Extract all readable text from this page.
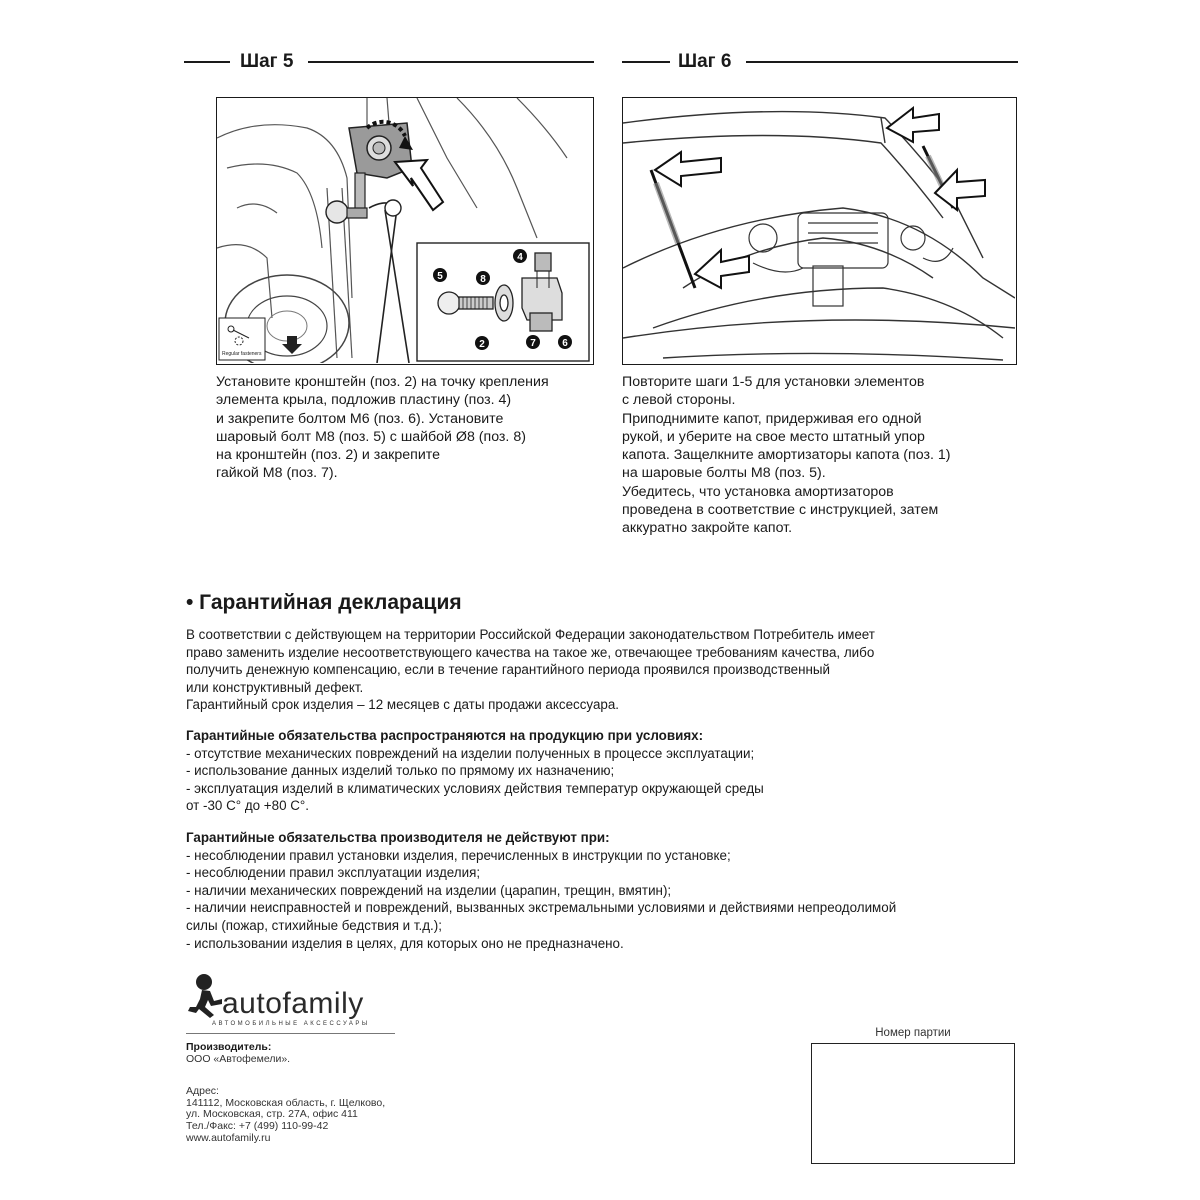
Шаг 5	Шаг 6
4
5	8
2	7	6
Regular fasteners
Установите кронштейн (поз. 2) на точку крепления
элемента крыла, подложив пластину (поз. 4)
и закрепите болтом М6 (поз. 6). Установите
шаровый болт М8 (поз. 5) с шайбой Ø8 (поз. 8)
на кронштейн (поз. 2) и закрепите
гайкой М8 (поз. 7).
Повторите шаги 1-5 для установки элементов
с левой стороны.
Приподнимите капот, придерживая его одной
рукой, и уберите на свое место штатный упор
капота. Защелкните амортизаторы капота (поз. 1)
на шаровые болты М8 (поз. 5).
Убедитесь, что установка амортизаторов
проведена в соответствие с инструкцией, затем
аккуратно закройте капот.
• Гарантийная декларация
В соответствии с действующем на территории Российской Федерации законодательством Потребитель имеет
право заменить изделие несоответствующего качества на такое же, отвечающее требованиям качества, либо
получить денежную компенсацию, если в течение гарантийного периода проявился производственный
или конструктивный дефект.
Гарантийный срок изделия – 12 месяцев с даты продажи аксессуара.
Гарантийные обязательства распространяются на продукцию при условиях:
- отсутствие механических повреждений на изделии полученных в процессе эксплуатации;
- использование данных изделий только по прямому их назначению;
- эксплуатация изделий в климатических условиях действия температур окружающей среды
от -30 С° до +80 С°.
Гарантийные обязательства производителя не действуют при:
- несоблюдении правил установки изделия, перечисленных в инструкции по установке;
- несоблюдении правил эксплуатации изделия;
- наличии механических повреждений на изделии (царапин, трещин, вмятин);
- наличии неисправностей и повреждений, вызванных экстремальными условиями и действиями непреодолимой
силы (пожар, стихийные бедствия и т.д.);
- использовании изделия в целях, для которых оно не предназначено.
autofamily
АВТОМОБИЛЬНЫЕ АКСЕССУАРЫ
Производитель:
ООО «Автофемели».
Адрес:
141112, Московская область, г. Щелково,
ул. Московская, стр. 27А, офис 411
Тел./Факс: +7 (499) 110-99-42
www.autofamily.ru
Номер партии
